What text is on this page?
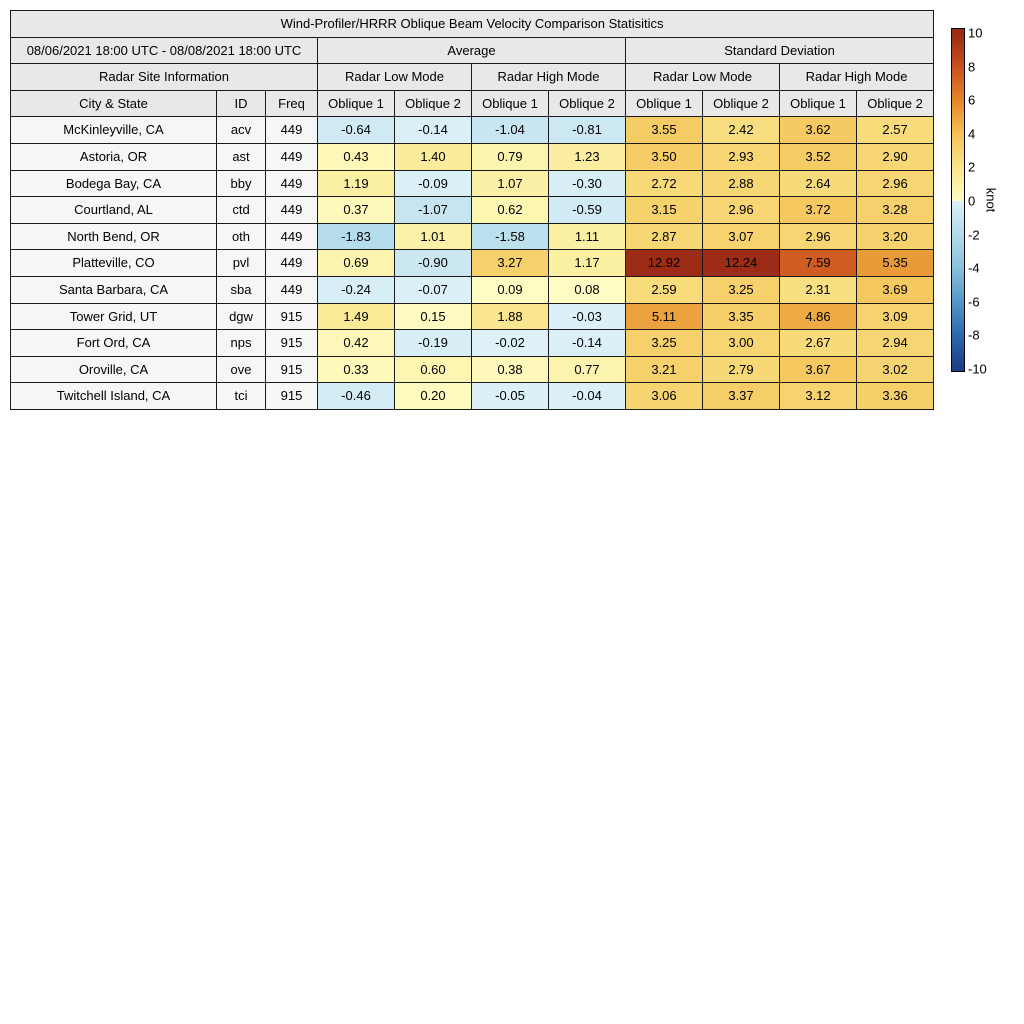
Wind-Profiler/HRRR Oblique Beam Velocity Comparison Statisitics										
08/06/2021 18:00 UTC - 08/08/2021 18:00 UTC			Average				Standard Deviation			
Radar Site Information			Radar Low Mode		Radar High Mode		Radar Low Mode		Radar High Mode	
City & State	ID	Freq	Oblique 1	Oblique 2	Oblique 1	Oblique 2	Oblique 1	Oblique 2	Oblique 1	Oblique 2
McKinleyville, CA	acv	449	-0.64	-0.14	-1.04	-0.81	3.55	2.42	3.62	2.57
Astoria, OR	ast	449	0.43	1.40	0.79	1.23	3.50	2.93	3.52	2.90
Bodega Bay, CA	bby	449	1.19	-0.09	1.07	-0.30	2.72	2.88	2.64	2.96
Courtland, AL	ctd	449	0.37	-1.07	0.62	-0.59	3.15	2.96	3.72	3.28
North Bend, OR	oth	449	-1.83	1.01	-1.58	1.11	2.87	3.07	2.96	3.20
Platteville, CO	pvl	449	0.69	-0.90	3.27	1.17	12.92	12.24	7.59	5.35
Santa Barbara, CA	sba	449	-0.24	-0.07	0.09	0.08	2.59	3.25	2.31	3.69
Tower Grid, UT	dgw	915	1.49	0.15	1.88	-0.03	5.11	3.35	4.86	3.09
Fort Ord, CA	nps	915	0.42	-0.19	-0.02	-0.14	3.25	3.00	2.67	2.94
Oroville, CA	ove	915	0.33	0.60	0.38	0.77	3.21	2.79	3.67	3.02
Twitchell Island, CA	tci	915	-0.46	0.20	-0.05	-0.04	3.06	3.37	3.12	3.36
10
8
6
4
2
0
-2
-4
-6
-8
-10
knot
